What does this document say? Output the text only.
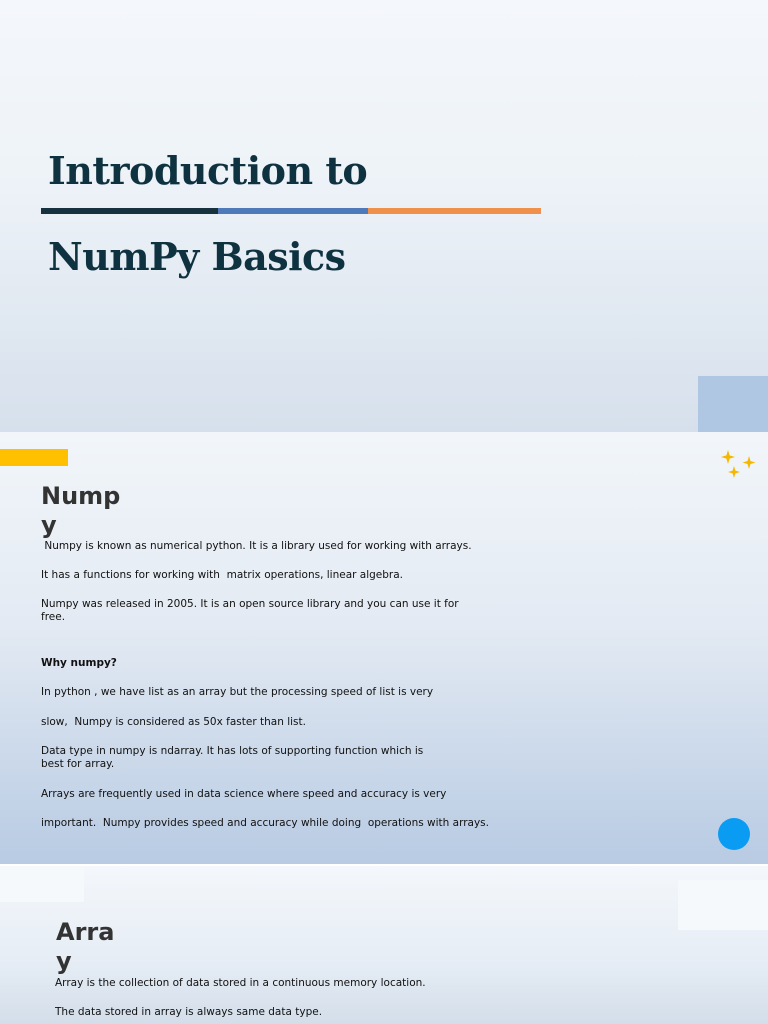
Introduction to
NumPy Basics
Numpy

Numpy is known as numerical python. It is a library used for working with arrays.

It has a functions for working with  matrix operations, linear algebra.

Numpy was released in 2005. It is an open source library and you can use it for
free.

Why numpy?

In python , we have list as an array but the processing speed of list is very

slow,  Numpy is considered as 50x faster than list.

Data type in numpy is ndarray. It has lots of supporting function which is
best for array.

Arrays are frequently used in data science where speed and accuracy is very

important.  Numpy provides speed and accuracy while doing  operations with arrays.

Array

Array is the collection of data stored in a continuous memory location.

The data stored in array is always same data type.
